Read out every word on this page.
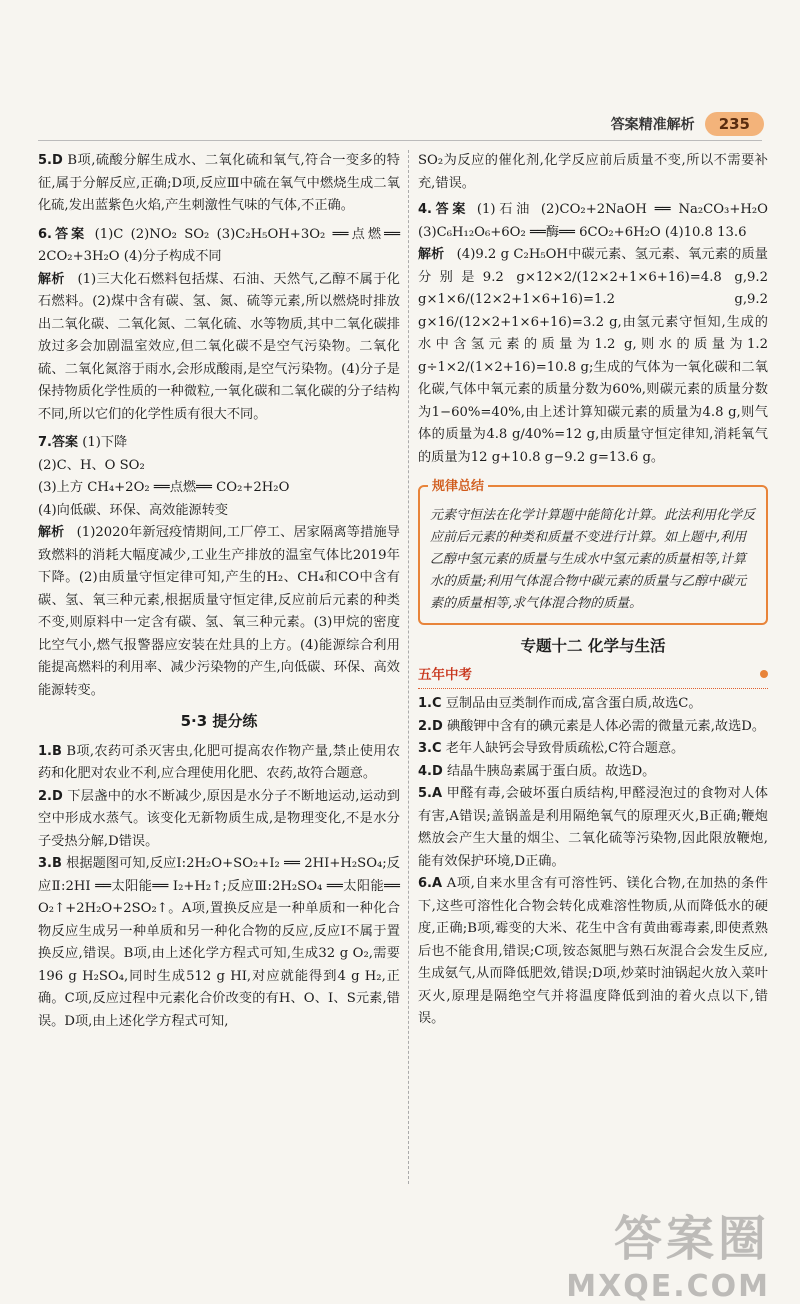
答案精准解析	235

5.D B项,硫酸分解生成水、二氧化硫和氧气,符合一变多的特征,属于分解反应,正确;D项,反应Ⅲ中硫在氧气中燃烧生成二氧化硫,发出蓝紫色火焰,产生刺激性气味的气体,不正确。

6.答案 (1)C (2)NO₂ SO₂ (3)C₂H₅OH+3O₂ ══点燃══ 2CO₂+3H₂O (4)分子构成不同

解析 (1)三大化石燃料包括煤、石油、天然气,乙醇不属于化石燃料。(2)煤中含有碳、氢、氮、硫等元素,所以燃烧时排放出二氧化碳、二氧化氮、二氧化硫、水等物质,其中二氧化碳排放过多会加剧温室效应,但二氧化碳不是空气污染物。二氧化硫、二氧化氮溶于雨水,会形成酸雨,是空气污染物。(4)分子是保持物质化学性质的一种微粒,一氧化碳和二氧化碳的分子结构不同,所以它们的化学性质有很大不同。

7.答案 (1)下降

(2)C、H、O SO₂

(3)上方 CH₄+2O₂ ══点燃══ CO₂+2H₂O

(4)向低碳、环保、高效能源转变

解析 (1)2020年新冠疫情期间,工厂停工、居家隔离等措施导致燃料的消耗大幅度减少,工业生产排放的温室气体比2019年下降。(2)由质量守恒定律可知,产生的H₂、CH₄和CO中含有碳、氢、氧三种元素,根据质量守恒定律,反应前后元素的种类不变,则原料中一定含有碳、氢、氧三种元素。(3)甲烷的密度比空气小,燃气报警器应安装在灶具的上方。(4)能源综合利用能提高燃料的利用率、减少污染物的产生,向低碳、环保、高效能源转变。

5·3 提分练

1.B B项,农药可杀灭害虫,化肥可提高农作物产量,禁止使用农药和化肥对农业不利,应合理使用化肥、农药,故符合题意。

2.D 下层盏中的水不断减少,原因是水分子不断地运动,运动到空中形成水蒸气。该变化无新物质生成,是物理变化,不是水分子受热分解,D错误。

3.B 根据题图可知,反应Ⅰ:2H₂O+SO₂+I₂ ══ 2HI+H₂SO₄;反应Ⅱ:2HI ══太阳能══ I₂+H₂↑;反应Ⅲ:2H₂SO₄ ══太阳能══ O₂↑+2H₂O+2SO₂↑。A项,置换反应是一种单质和一种化合物反应生成另一种单质和另一种化合物的反应,反应Ⅰ不属于置换反应,错误。B项,由上述化学方程式可知,生成32 g O₂,需要196 g H₂SO₄,同时生成512 g HI,对应就能得到4 g H₂,正确。C项,反应过程中元素化合价改变的有H、O、I、S元素,错误。D项,由上述化学方程式可知,

SO₂为反应的催化剂,化学反应前后质量不变,所以不需要补充,错误。

4.答案 (1)石油 (2)CO₂+2NaOH ══ Na₂CO₃+H₂O (3)C₆H₁₂O₆+6O₂ ══酶══ 6CO₂+6H₂O (4)10.8 13.6

解析 (4)9.2 g C₂H₅OH中碳元素、氢元素、氧元素的质量分别是9.2 g×12×2/(12×2+1×6+16)=4.8 g,9.2 g×1×6/(12×2+1×6+16)=1.2 g,9.2 g×16/(12×2+1×6+16)=3.2 g,由氢元素守恒知,生成的水中含氢元素的质量为1.2 g,则水的质量为1.2 g÷1×2/(1×2+16)=10.8 g;生成的气体为一氧化碳和二氧化碳,气体中氧元素的质量分数为60%,则碳元素的质量分数为1−60%=40%,由上述计算知碳元素的质量为4.8 g,则气体的质量为4.8 g/40%=12 g,由质量守恒定律知,消耗氧气的质量为12 g+10.8 g−9.2 g=13.6 g。

规律总结
元素守恒法在化学计算题中能简化计算。此法利用化学反应前后元素的种类和质量不变进行计算。如上题中,利用乙醇中氢元素的质量与生成水中氢元素的质量相等,计算水的质量;利用气体混合物中碳元素的质量与乙醇中碳元素的质量相等,求气体混合物的质量。
专题十二 化学与生活
五年中考

1.C 豆制品由豆类制作而成,富含蛋白质,故选C。

2.D 碘酸钾中含有的碘元素是人体必需的微量元素,故选D。

3.C 老年人缺钙会导致骨质疏松,C符合题意。

4.D 结晶牛胰岛素属于蛋白质。故选D。

5.A 甲醛有毒,会破坏蛋白质结构,甲醛浸泡过的食物对人体有害,A错误;盖锅盖是利用隔绝氧气的原理灭火,B正确;鞭炮燃放会产生大量的烟尘、二氧化硫等污染物,因此限放鞭炮,能有效保护环境,D正确。

6.A A项,自来水里含有可溶性钙、镁化合物,在加热的条件下,这些可溶性化合物会转化成难溶性物质,从而降低水的硬度,正确;B项,霉变的大米、花生中含有黄曲霉毒素,即使煮熟后也不能食用,错误;C项,铵态氮肥与熟石灰混合会发生反应,生成氨气,从而降低肥效,错误;D项,炒菜时油锅起火放入菜叶灭火,原理是隔绝空气并将温度降低到油的着火点以下,错误。

答案圈
MXQE.COM
